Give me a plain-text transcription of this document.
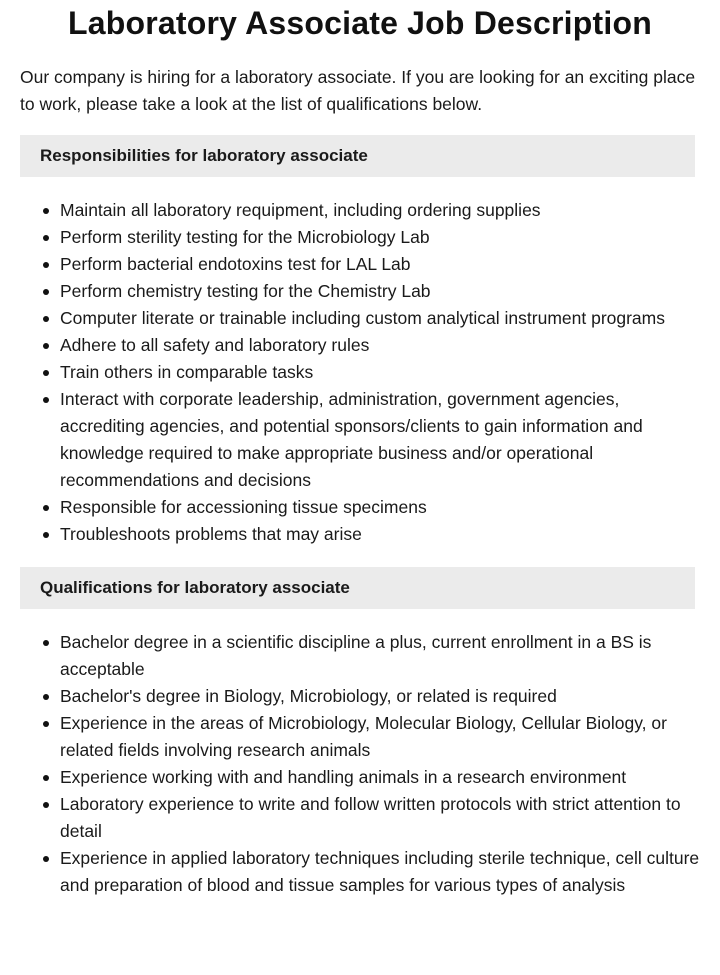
Laboratory Associate Job Description

Our company is hiring for a laboratory associate. If you are looking for an exciting place to work, please take a look at the list of qualifications below.

Responsibilities for laboratory associate
Maintain all laboratory requipment, including ordering supplies
Perform sterility testing for the Microbiology Lab
Perform bacterial endotoxins test for LAL Lab
Perform chemistry testing for the Chemistry Lab
Computer literate or trainable including custom analytical instrument programs
Adhere to all safety and laboratory rules
Train others in comparable tasks
Interact with corporate leadership, administration, government agencies, accrediting agencies, and potential sponsors/clients to gain information and knowledge required to make appropriate business and/or operational recommendations and decisions
Responsible for accessioning tissue specimens
Troubleshoots problems that may arise
Qualifications for laboratory associate
Bachelor degree in a scientific discipline a plus, current enrollment in a BS is acceptable
Bachelor's degree in Biology, Microbiology, or related is required
Experience in the areas of Microbiology, Molecular Biology, Cellular Biology, or related fields involving research animals
Experience working with and handling animals in a research environment
Laboratory experience to write and follow written protocols with strict attention to detail
Experience in applied laboratory techniques including sterile technique, cell culture and preparation of blood and tissue samples for various types of analysis
